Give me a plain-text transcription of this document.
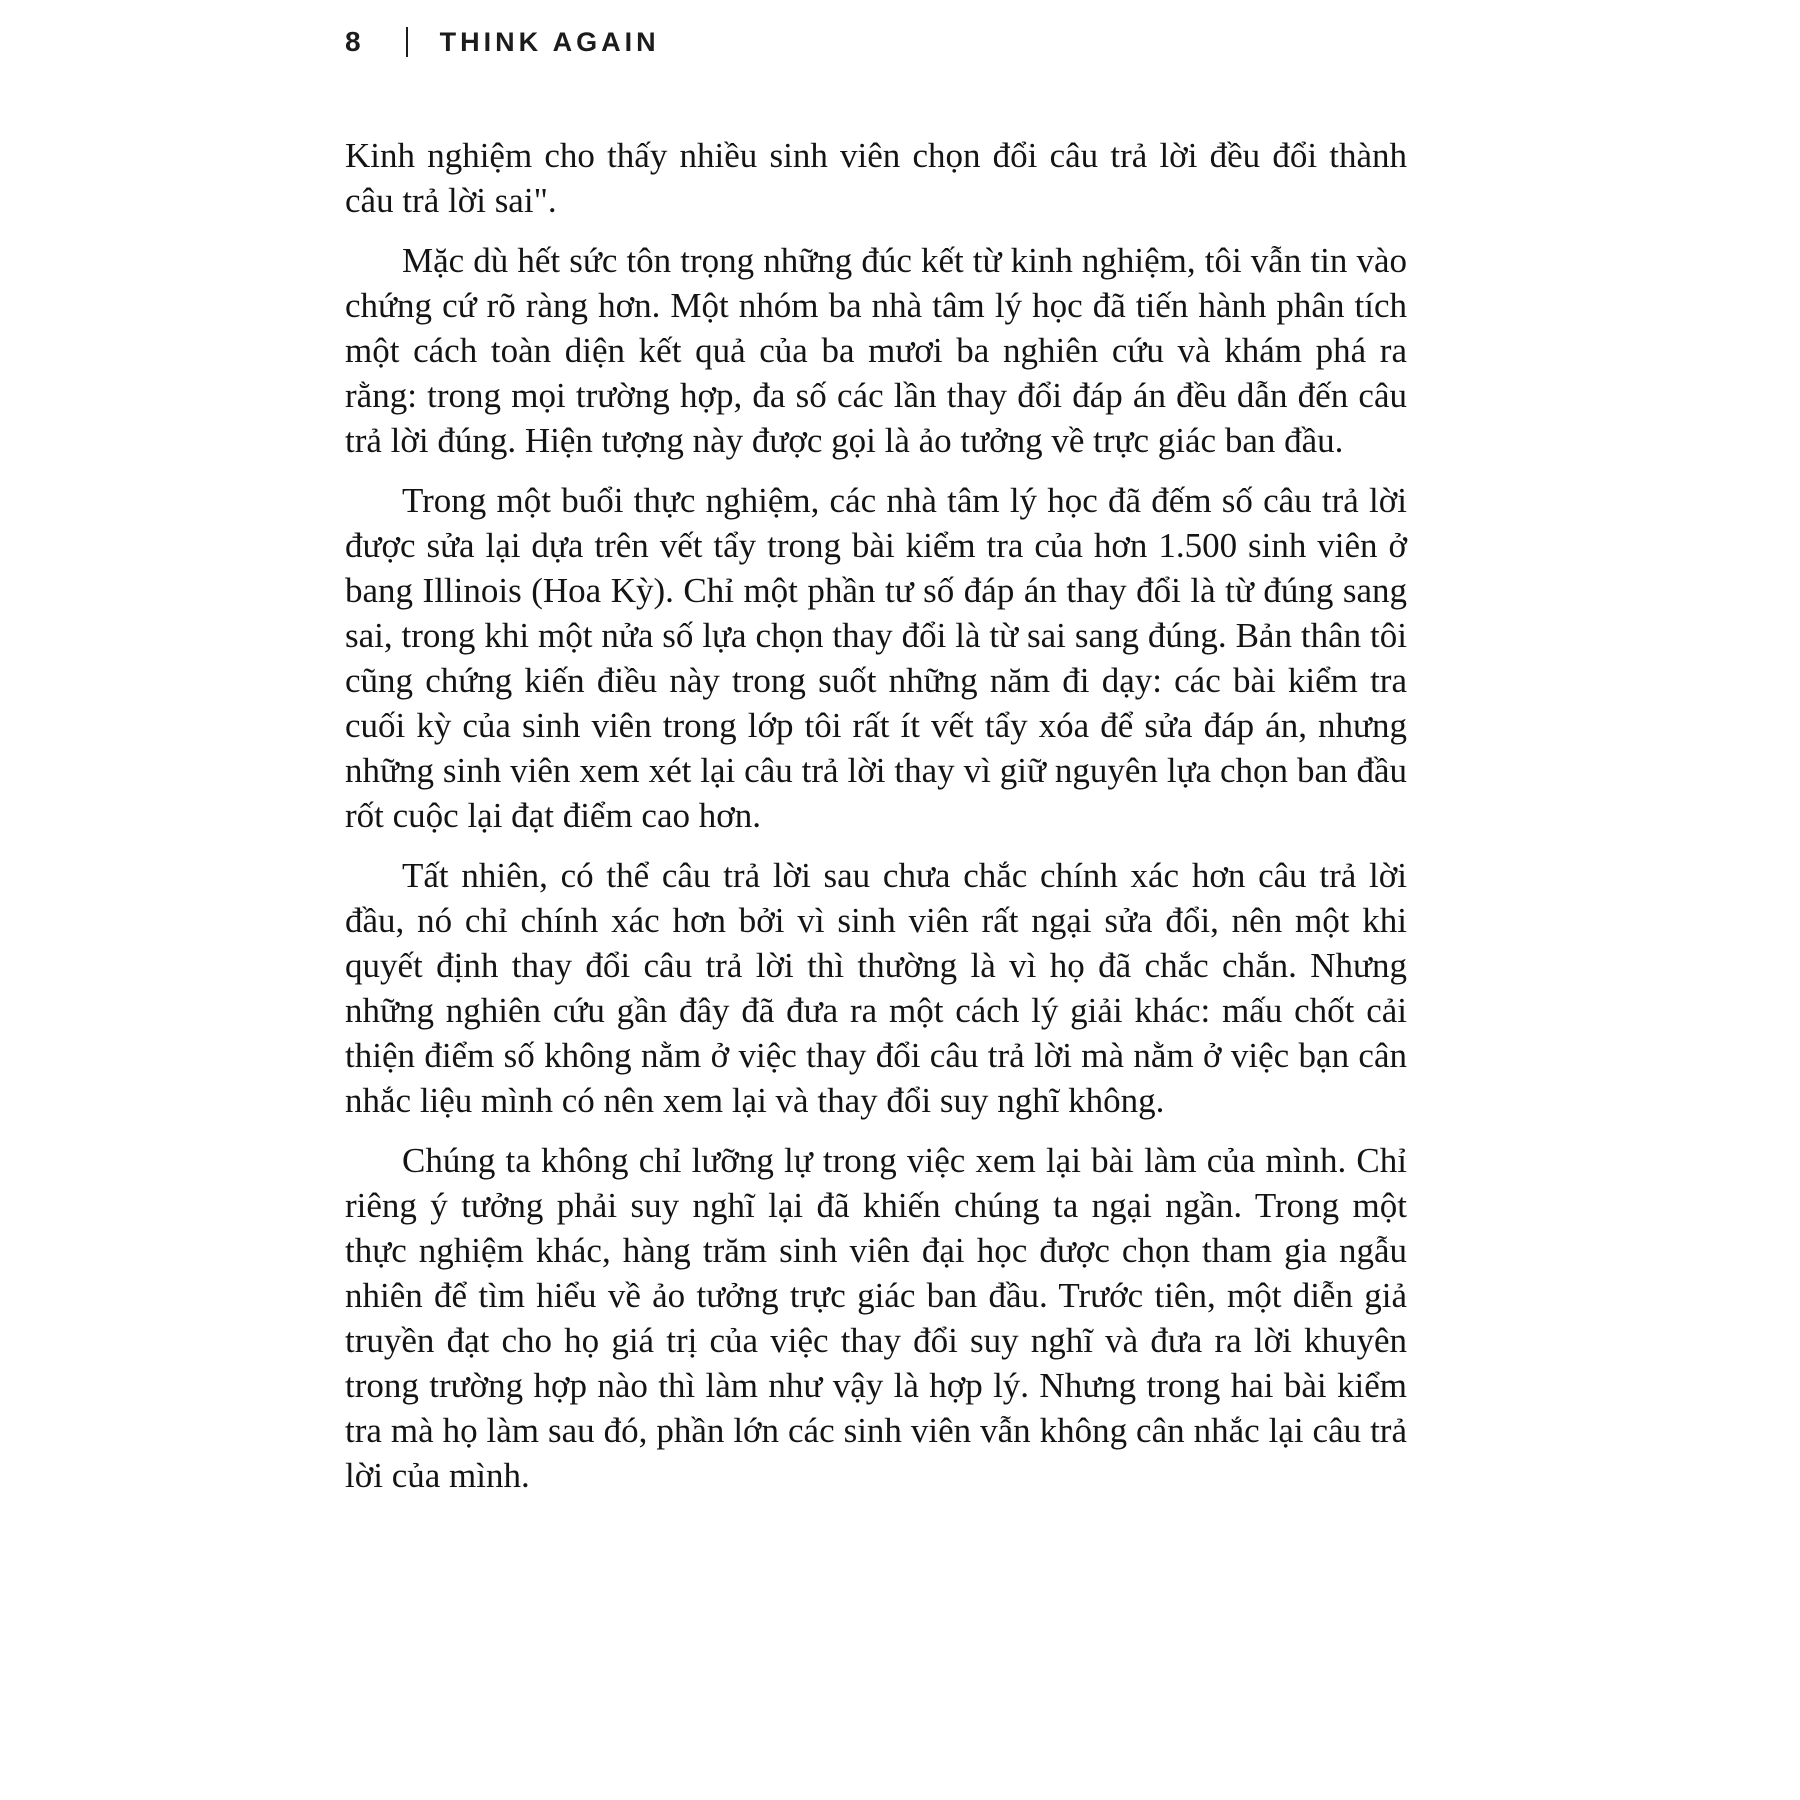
8	THINK AGAIN

Kinh nghiệm cho thấy nhiều sinh viên chọn đổi câu trả lời đều đổi thành câu trả lời sai".

Mặc dù hết sức tôn trọng những đúc kết từ kinh nghiệm, tôi vẫn tin vào chứng cứ rõ ràng hơn. Một nhóm ba nhà tâm lý học đã tiến hành phân tích một cách toàn diện kết quả của ba mươi ba nghiên cứu và khám phá ra rằng: trong mọi trường hợp, đa số các lần thay đổi đáp án đều dẫn đến câu trả lời đúng. Hiện tượng này được gọi là ảo tưởng về trực giác ban đầu.

Trong một buổi thực nghiệm, các nhà tâm lý học đã đếm số câu trả lời được sửa lại dựa trên vết tẩy trong bài kiểm tra của hơn 1.500 sinh viên ở bang Illinois (Hoa Kỳ). Chỉ một phần tư số đáp án thay đổi là từ đúng sang sai, trong khi một nửa số lựa chọn thay đổi là từ sai sang đúng. Bản thân tôi cũng chứng kiến điều này trong suốt những năm đi dạy: các bài kiểm tra cuối kỳ của sinh viên trong lớp tôi rất ít vết tẩy xóa để sửa đáp án, nhưng những sinh viên xem xét lại câu trả lời thay vì giữ nguyên lựa chọn ban đầu rốt cuộc lại đạt điểm cao hơn.

Tất nhiên, có thể câu trả lời sau chưa chắc chính xác hơn câu trả lời đầu, nó chỉ chính xác hơn bởi vì sinh viên rất ngại sửa đổi, nên một khi quyết định thay đổi câu trả lời thì thường là vì họ đã chắc chắn. Nhưng những nghiên cứu gần đây đã đưa ra một cách lý giải khác: mấu chốt cải thiện điểm số không nằm ở việc thay đổi câu trả lời mà nằm ở việc bạn cân nhắc liệu mình có nên xem lại và thay đổi suy nghĩ không.

Chúng ta không chỉ lưỡng lự trong việc xem lại bài làm của mình. Chỉ riêng ý tưởng phải suy nghĩ lại đã khiến chúng ta ngại ngần. Trong một thực nghiệm khác, hàng trăm sinh viên đại học được chọn tham gia ngẫu nhiên để tìm hiểu về ảo tưởng trực giác ban đầu. Trước tiên, một diễn giả truyền đạt cho họ giá trị của việc thay đổi suy nghĩ và đưa ra lời khuyên trong trường hợp nào thì làm như vậy là hợp lý. Nhưng trong hai bài kiểm tra mà họ làm sau đó, phần lớn các sinh viên vẫn không cân nhắc lại câu trả lời của mình.
